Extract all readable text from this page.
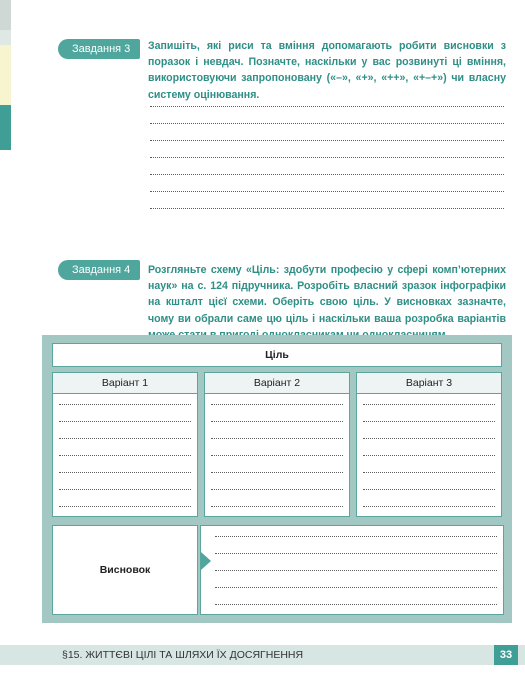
Завдання 3	Запишіть, які риси та вміння допомагають робити висновки з поразок і невдач. Позначте, наскільки у вас розвинуті ці вміння, використовуючи запропоновану («–», «+», «++», «+–+») чи власну систему оцінювання.
Завдання 4	Розгляньте схему «Ціль: здобути професію у сфері комп’ютерних наук» на с. 124 підручника. Розробіть власний зразок інфографіки на кшталт цієї схеми. Оберіть свою ціль. У висновках зазначте, чому ви обрали саме цю ціль і наскільки ваша розробка варіантів
Ціль
Варіант 1	Варіант 2	Варіант 3
Висновок
§15. ЖИТТЄВІ ЦІЛІ ТА ШЛЯХИ ЇХ ДОСЯГНЕННЯ	33
